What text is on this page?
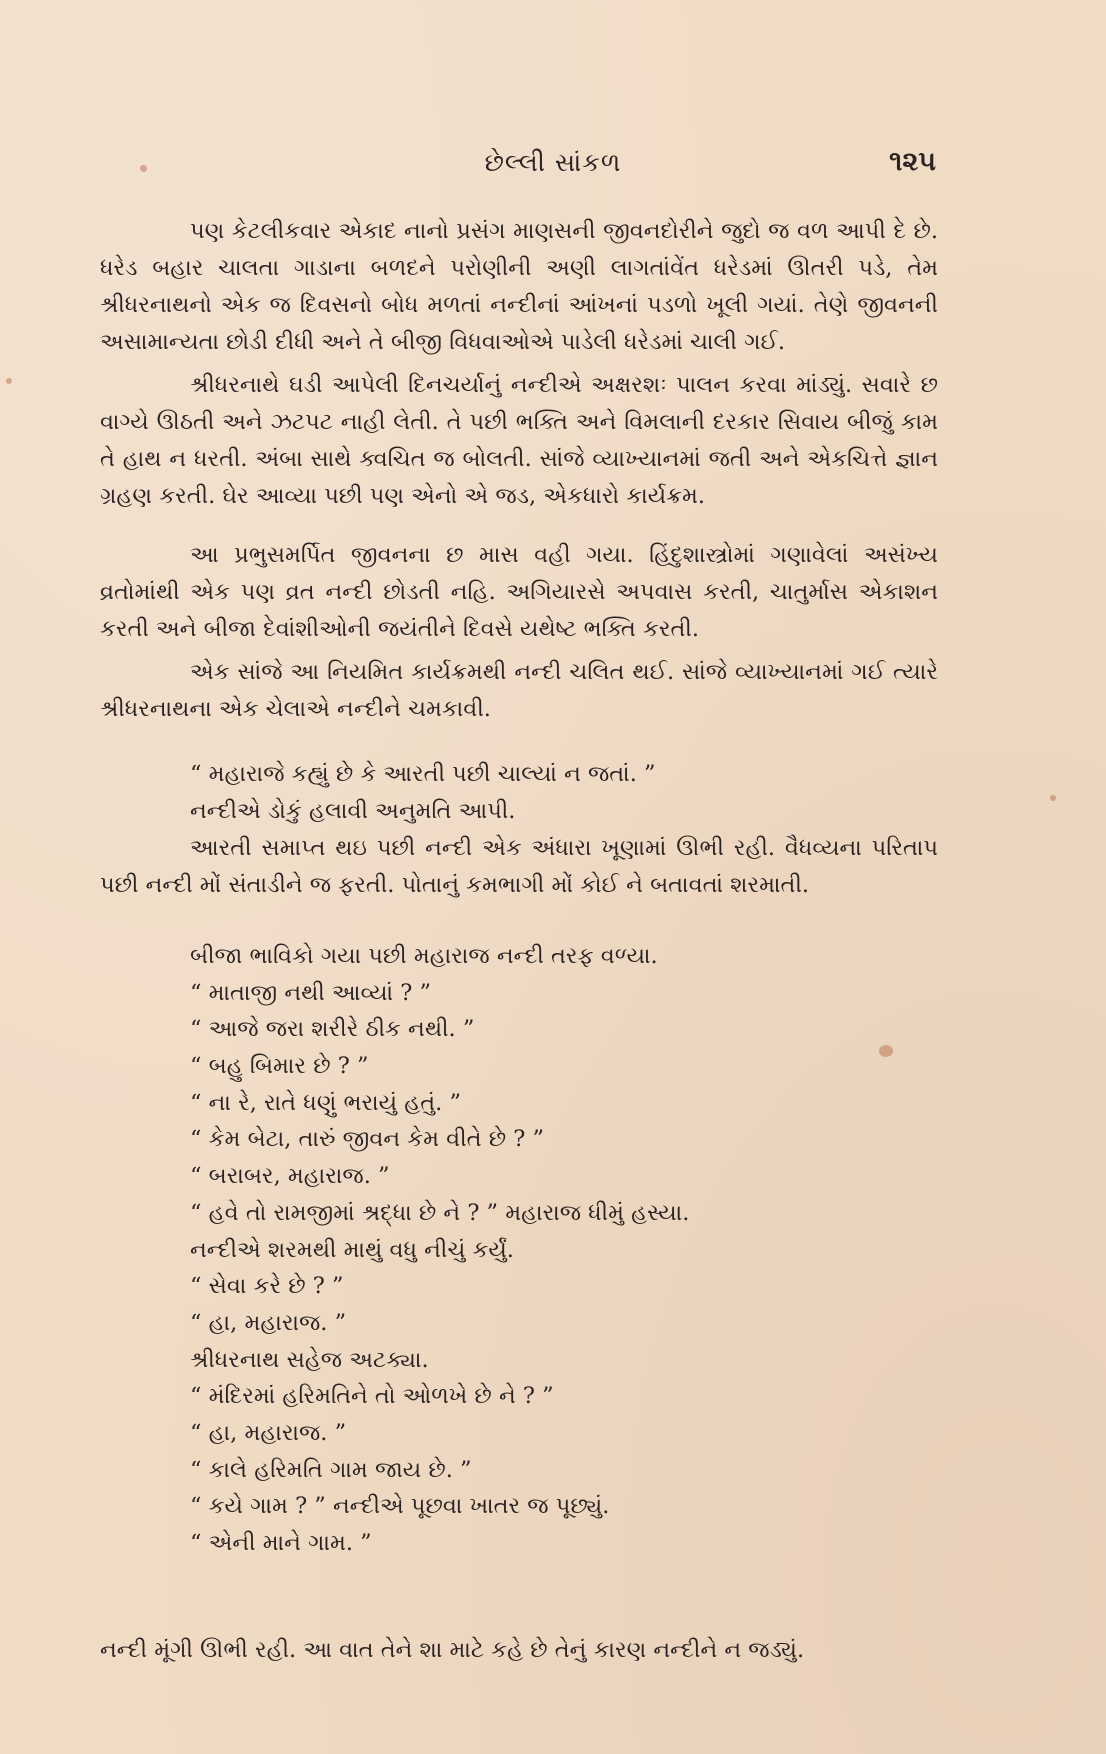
છેલ્લી સાંકળ	૧૨૫

પણ કેટલીકવાર એકાદ નાનો પ્રસંગ માણસની જીવનદોરીને જુદો જ વળ આપી દે છે. ધરેડ બહાર ચાલતા ગાડાના બળદને પરોણીની અણી લાગતાંવેંત ધરેડમાં ઊતરી પડે, તેમ શ્રીધરનાથનો એક જ દિવસનો બોધ મળતાં નન્દીનાં આંખનાં પડળો ખૂલી ગયાં. તેણે જીવનની અસામાન્યતા છોડી દીધી અને તે બીજી વિધવાઓએ પાડેલી ધરેડમાં ચાલી ગઈ.

શ્રીધરનાથે ઘડી આપેલી દિનચર્યાનું નન્દીએ અક્ષરશઃ પાલન કરવા માંડ્યું. સવારે છ વાગ્યે ઊઠતી અને ઝટપટ નાહી લેતી. તે પછી ભક્તિ અને વિમલાની દરકાર સિવાય બીજું કામ તે હાથ ન ધરતી. અંબા સાથે ક્વચિત જ બોલતી. સાંજે વ્યાખ્યાનમાં જતી અને એકચિત્તે જ્ઞાન ગ્રહણ કરતી. ઘેર આવ્યા પછી પણ એનો એ જડ, એકધારો કાર્યક્રમ.

આ પ્રભુસમર્પિત જીવનના છ માસ વહી ગયા. હિંદુશાસ્ત્રોમાં ગણાવેલાં અસંખ્ય વ્રતોમાંથી એક પણ વ્રત નન્દી છોડતી નહિ. અગિયારસે અપવાસ કરતી, ચાતુર્માસ એકાશન કરતી અને બીજા દેવાંશીઓની જયંતીને દિવસે યથેષ્ટ ભક્તિ કરતી.

એક સાંજે આ નિયમિત કાર્યક્રમથી નન્દી ચલિત થઈ. સાંજે વ્યાખ્યાનમાં ગઈ ત્યારે શ્રીધરનાથના એક ચેલાએ નન્દીને ચમકાવી.

“ મહારાજે કહ્યું છે કે આરતી પછી ચાલ્યાં ન જતાં. ”

નન્દીએ ડોકું હલાવી અનુમતિ આપી.

આરતી સમાપ્ત થઇ પછી નન્દી એક અંધારા ખૂણામાં ઊભી રહી. વૈધવ્યના પરિતાપ પછી નન્દી મોં સંતાડીને જ ફરતી. પોતાનું કમભાગી મોં કોઈ ને બતાવતાં શરમાતી.

બીજા ભાવિકો ગયા પછી મહારાજ નન્દી તરફ વળ્યા.

“ માતાજી નથી આવ્યાં ? ”

“ આજે જરા શરીરે ઠીક નથી. ”

“ બહુ બિમાર છે ? ”

“ ના રે, રાતે ધણું ભરાયું હતું. ”

“ કેમ બેટા, તારું જીવન કેમ વીતે છે ? ”

“ બરાબર, મહારાજ. ”

“ હવે તો રામજીમાં શ્રદ્ધા છે ને ? ” મહારાજ ધીમું હસ્યા.

નન્દીએ શરમથી માથું વધુ નીચું કર્યું.

“ સેવા કરે છે ? ”

“ હા, મહારાજ. ”

શ્રીધરનાથ સહેજ અટક્યા.

“ મંદિરમાં હરિમતિને તો ઓળખે છે ને ? ”

“ હા, મહારાજ. ”

“ કાલે હરિમતિ ગામ જાય છે. ”

“ કયે ગામ ? ” નન્દીએ પૂછવા ખાતર જ પૂછ્યું.

“ એની માને ગામ. ”

નન્દી મૂંગી ઊભી રહી. આ વાત તેને શા માટે કહે છે તેનું કારણ નન્દીને ન જડ્યું.
